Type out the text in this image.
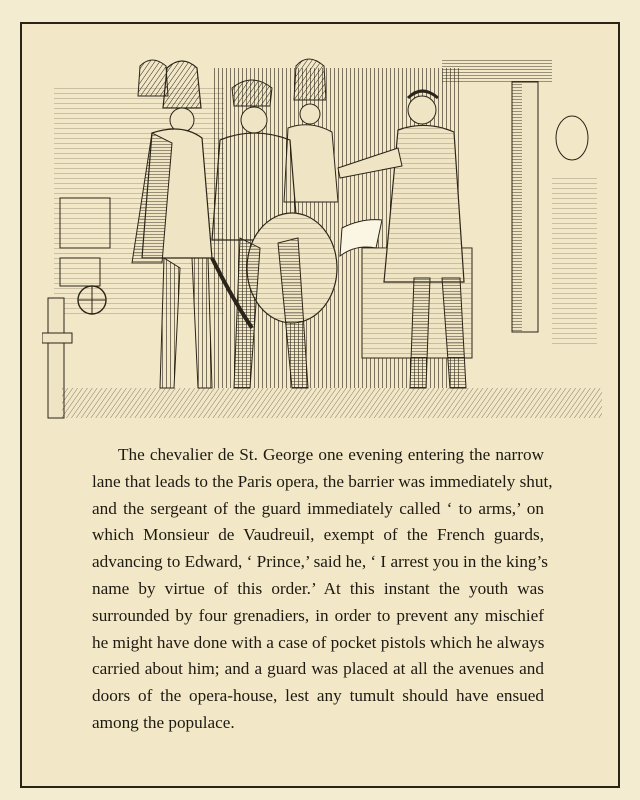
The chevalier de St. George one evening entering the narrow
lane that leads to the Paris opera, the barrier was immediately shut,
and the sergeant of the guard immediately called ‘ to arms,’ on
which Monsieur de Vaudreuil, exempt of the French guards,
advancing to Edward, ‘ Prince,’ said he, ‘ I arrest you in the king’s
name by virtue of this order.’ At this instant the youth was
surrounded by four grenadiers, in order to prevent any mischief
he might have done with a case of pocket pistols which he always
carried about him; and a guard was placed at all the avenues and
doors of the opera-house, lest any tumult should have ensued
among the populace.
